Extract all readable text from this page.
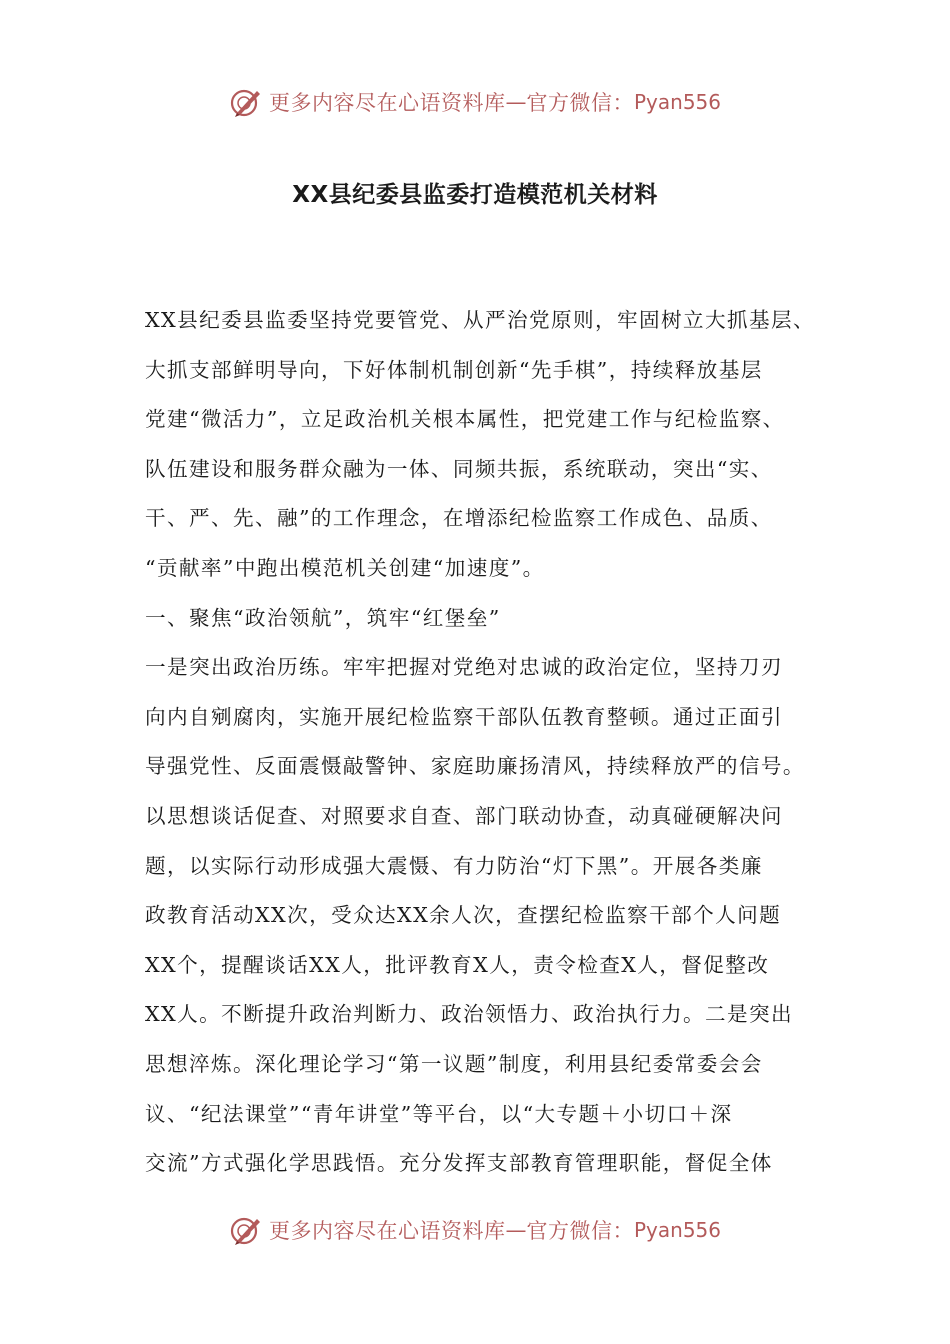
更多内容尽在心语资料库 — 官方微信： Pyan556
XX县纪委县监委打造模范机关材料

XX县纪委县监委坚持党要管党、从严治党原则，牢固树立大抓基层、

大抓支部鲜明导向，下好体制机制创新“先手棋”，持续释放基层

党建“微活力”，立足政治机关根本属性，把党建工作与纪检监察、

队伍建设和服务群众融为一体、同频共振，系统联动，突出“实、

干、严、先、融”的工作理念，在增添纪检监察工作成色、品质、

“贡献率”中跑出模范机关创建“加速度”。

一、聚焦“政治领航”，筑牢“红堡垒”

一是突出政治历练。牢牢把握对党绝对忠诚的政治定位，坚持刀刃

向内自剜腐肉，实施开展纪检监察干部队伍教育整顿。通过正面引

导强党性、反面震慑敲警钟、家庭助廉扬清风，持续释放严的信号。

以思想谈话促查、对照要求自查、部门联动协查，动真碰硬解决问

题，以实际行动形成强大震慑、有力防治“灯下黑”。开展各类廉

政教育活动XX次，受众达XX余人次，查摆纪检监察干部个人问题

XX个，提醒谈话XX人，批评教育X人，责令检查X人，督促整改

XX人。不断提升政治判断力、政治领悟力、政治执行力。二是突出

思想淬炼。深化理论学习“第一议题”制度，利用县纪委常委会会

议、“纪法课堂”“青年讲堂”等平台，以“大专题＋小切口＋深

交流”方式强化学思践悟。充分发挥支部教育管理职能，督促全体

更多内容尽在心语资料库 — 官方微信： Pyan556
